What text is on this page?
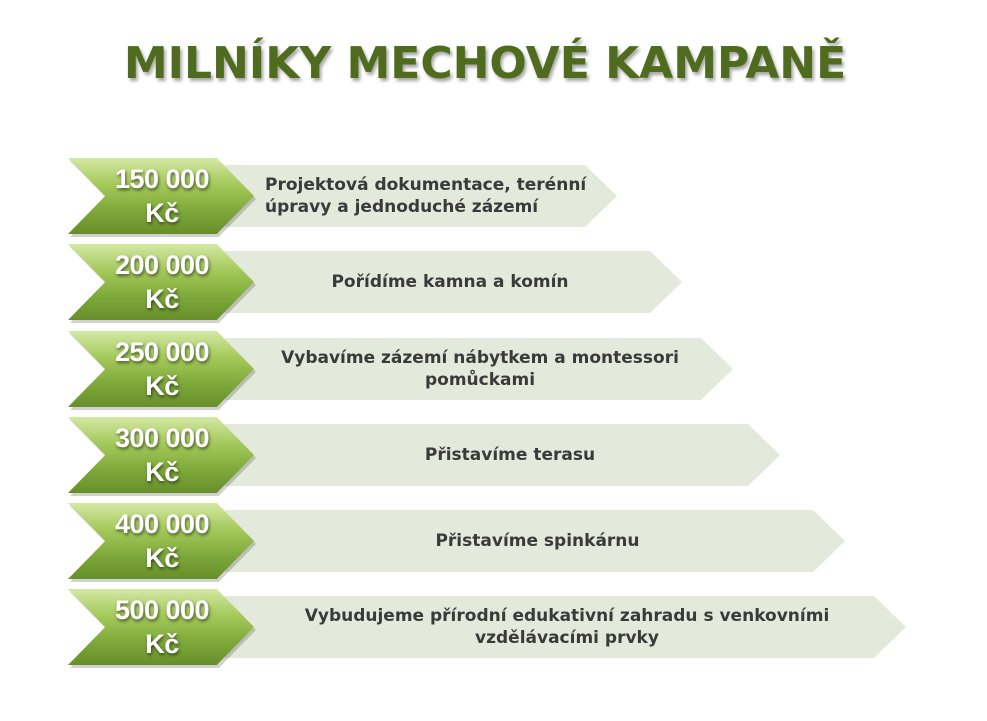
MILNÍKY MECHOVÉ KAMPANĚ
Projektová dokumentace, terénní úpravy a jednoduché zázemí
150 000
Kč
Pořídíme kamna a komín
200 000
Kč
Vybavíme zázemí nábytkem a montessori pomůckami
250 000
Kč
Přistavíme terasu
300 000
Kč
Přistavíme spinkárnu
400 000
Kč
Vybudujeme přírodní edukativní zahradu s venkovními vzdělávacími prvky
500 000
Kč
